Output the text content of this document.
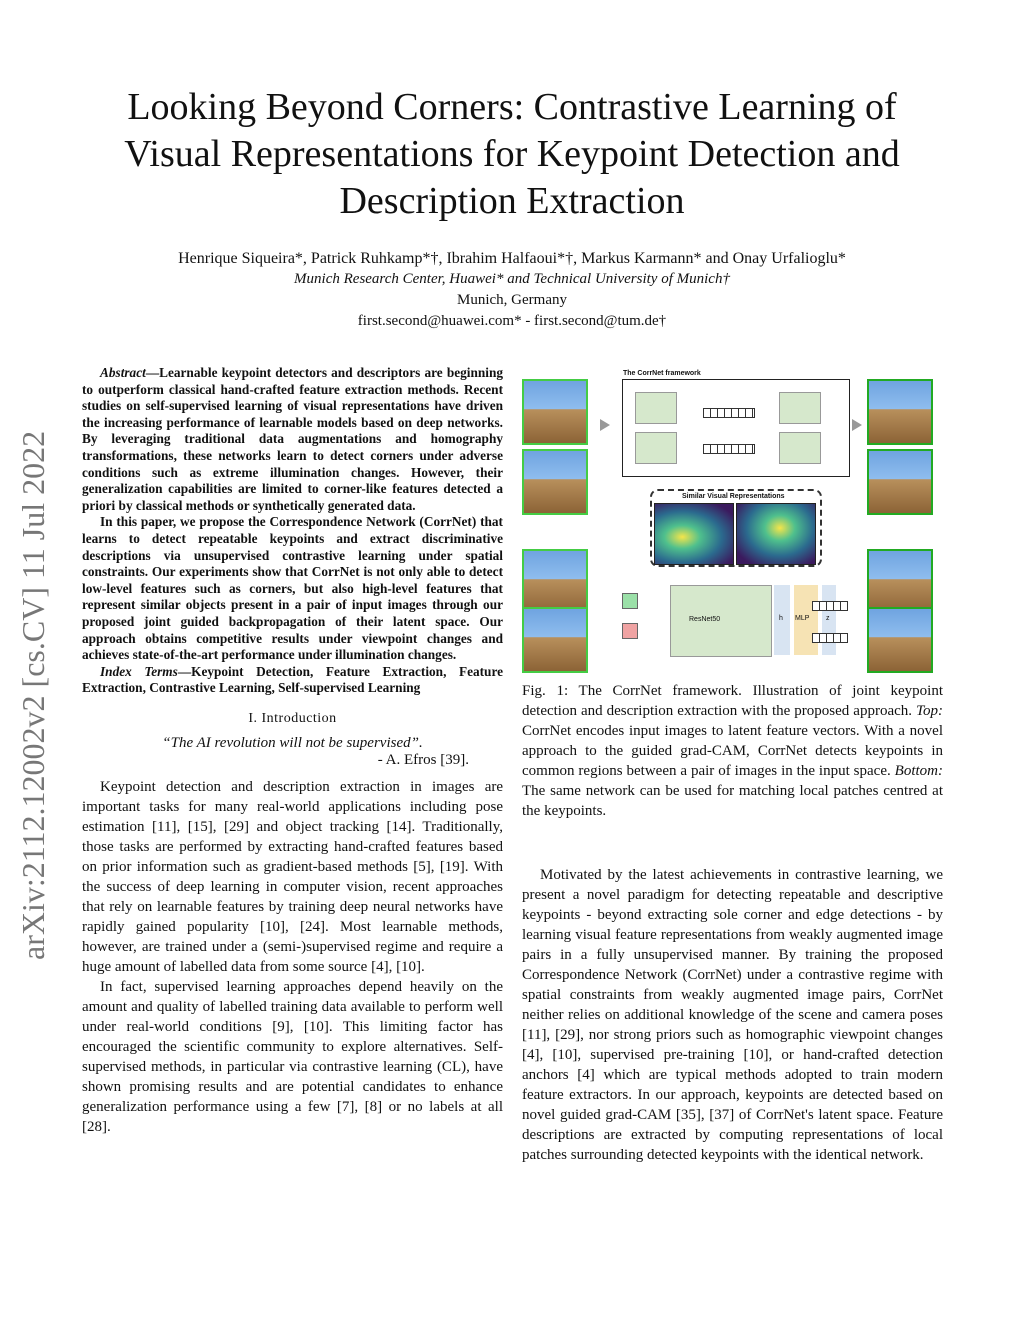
Looking Beyond Corners: Contrastive Learning of
Visual Representations for Keypoint Detection and
Description Extraction
Henrique Siqueira*, Patrick Ruhkamp*†, Ibrahim Halfaoui*†, Markus Karmann* and Onay Urfalioglu*
Munich Research Center, Huawei* and Technical University of Munich†
Munich, Germany
first.second@huawei.com* - first.second@tum.de†
arXiv:2112.12002v2 [cs.CV] 11 Jul 2022

Abstract—Learnable keypoint detectors and descriptors are beginning to outperform classical hand-crafted feature extraction methods. Recent studies on self-supervised learning of visual representations have driven the increasing performance of learnable models based on deep networks. By leveraging traditional data augmentations and homography transformations, these networks learn to detect corners under adverse conditions such as extreme illumination changes. However, their generalization capabilities are limited to corner-like features detected a priori by classical methods or synthetically generated data.

In this paper, we propose the Correspondence Network (CorrNet) that learns to detect repeatable keypoints and extract discriminative descriptions via unsupervised contrastive learning under spatial constraints. Our experiments show that CorrNet is not only able to detect low-level features such as corners, but also high-level features that represent similar objects present in a pair of input images through our proposed joint guided backpropagation of their latent space. Our approach obtains competitive results under viewpoint changes and achieves state-of-the-art performance under illumination changes.

Index Terms—Keypoint Detection, Feature Extraction, Feature Extraction, Contrastive Learning, Self-supervised Learning

I. Introduction

“The AI revolution will not be supervised”.

- A. Efros [39].

Keypoint detection and description extraction in images are important tasks for many real-world applications including pose estimation [11], [15], [29] and object tracking [14]. Traditionally, those tasks are performed by extracting hand-crafted features based on prior information such as gradient-based methods [5], [19]. With the success of deep learning in computer vision, recent approaches that rely on learnable features by training deep neural networks have rapidly gained popularity [10], [24]. Most learnable methods, however, are trained under a (semi-)supervised regime and require a huge amount of labelled data from some source [4], [10].

In fact, supervised learning approaches depend heavily on the amount and quality of labelled training data available to perform well under real-world conditions [9], [10]. This limiting factor has encouraged the scientific community to explore alternatives. Self-supervised methods, in particular via contrastive learning (CL), have shown promising results and are potential candidates to enhance generalization performance using a few [7], [8] or no labels at all [28].

The CorrNet framework
Similar Visual Representations
ResNet50	h MLP z

Fig. 1: The CorrNet framework. Illustration of joint keypoint detection and description extraction with the proposed approach. Top: CorrNet encodes input images to latent feature vectors. With a novel approach to the guided grad-CAM, CorrNet detects keypoints in common regions between a pair of images in the input space. Bottom: The same network can be used for matching local patches centred at the keypoints.

Motivated by the latest achievements in contrastive learning, we present a novel paradigm for detecting repeatable and descriptive keypoints - beyond extracting sole corner and edge detections - by learning visual feature representations from weakly augmented image pairs in a fully unsupervised manner. By training the proposed Correspondence Network (CorrNet) under a contrastive regime with spatial constraints from weakly augmented image pairs, CorrNet neither relies on additional knowledge of the scene and camera poses [11], [29], nor strong priors such as homographic viewpoint changes [4], [10], supervised pre-training [10], or hand-crafted detection anchors [4] which are typical methods adopted to train modern feature extractors. In our approach, keypoints are detected based on novel guided grad-CAM [35], [37] of CorrNet's latent space. Feature descriptions are extracted by computing representations of local patches surrounding detected keypoints with the identical network.
